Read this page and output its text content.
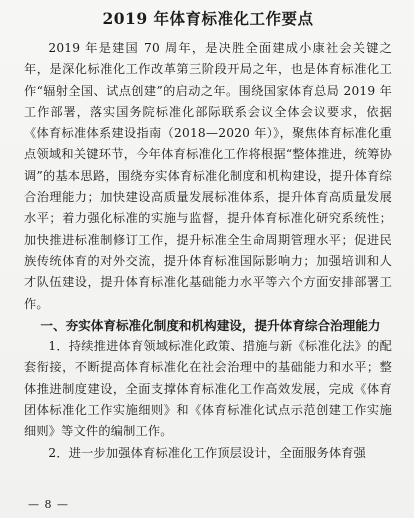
2019 年体育标准化工作要点

2019 年是建国 70 周年，是决胜全面建成小康社会关键之年，是深化标准化工作改革第三阶段开局之年，也是体育标准化工作“辐射全国、试点创建”的启动之年。围绕国家体育总局 2019 年工作部署，落实国务院标准化部际联系会议全体会议要求，依据《体育标准体系建设指南（2018—2020 年）》，聚焦体育标准化重点领域和关键环节，今年体育标准化工作将根据“整体推进，统筹协调”的基本思路，围绕夯实体育标准化制度和机构建设，提升体育综合治理能力；加快建设高质量发展标准体系，提升体育高质量发展水平；着力强化标准的实施与监督，提升体育标准化研究系统性；加快推进标准制修订工作，提升标准全生命周期管理水平；促进民族传统体育的对外交流，提升体育标准国际影响力；加强培训和人才队伍建设，提升体育标准化基础能力水平等六个方面安排部署工作。

一、夯实体育标准化制度和机构建设，提升体育综合治理能力

1．持续推进体育领域标准化政策、措施与新《标准化法》的配套衔接，不断提高体育标准化在社会治理中的基础能力和水平；整体推进制度建设，全面支撑体育标准化工作高效发展，完成《体育团体标准化工作实施细则》和《体育标准化试点示范创建工作实施细则》等文件的编制工作。

2．进一步加强体育标准化工作顶层设计，全面服务体育强

— 8 —
